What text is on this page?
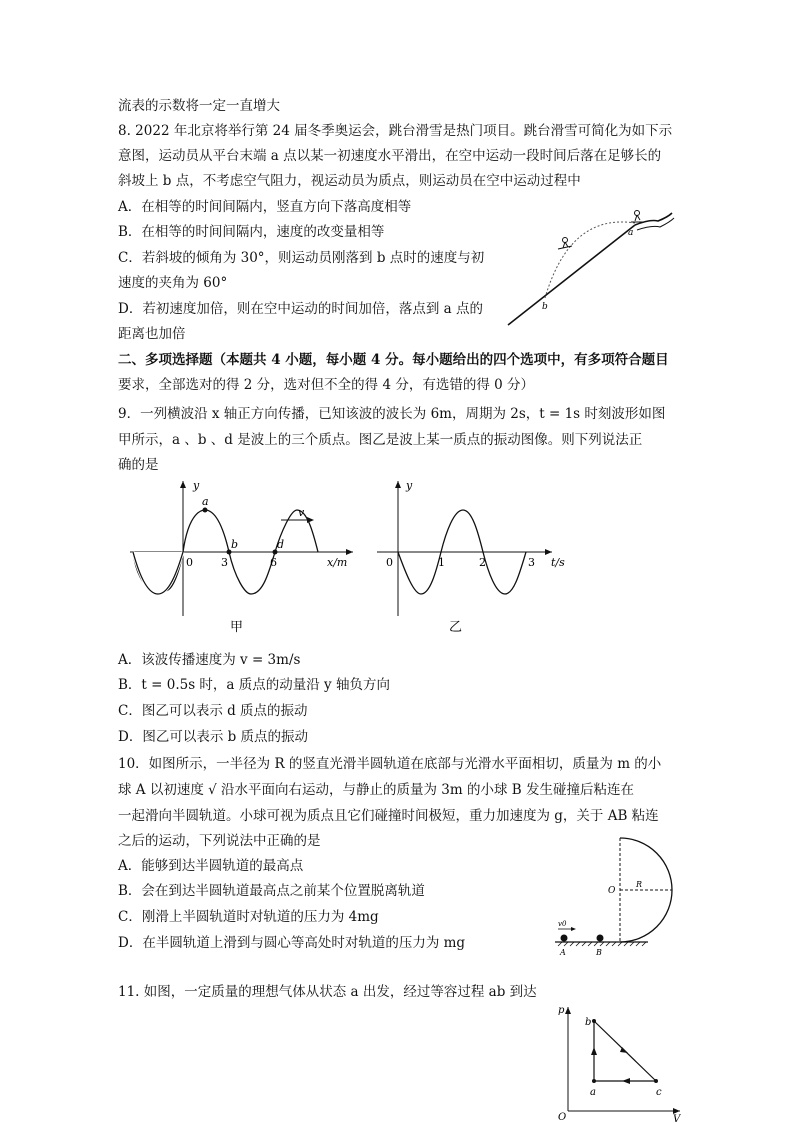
流表的示数将一定一直增大
8. 2022 年北京将举行第 24 届冬季奥运会，跳台滑雪是热门项目。跳台滑雪可简化为如下示
意图，运动员从平台末端 a 点以某一初速度水平滑出，在空中运动一段时间后落在足够长的
斜坡上 b 点，不考虑空气阻力，视运动员为质点，则运动员在空中运动过程中
A．在相等的时间间隔内，竖直方向下落高度相等
B．在相等的时间间隔内，速度的改变量相等
C．若斜坡的倾角为 30°，则运动员刚落到 b 点时的速度与初
速度的夹角为 60°
D．若初速度加倍，则在空中运动的时间加倍，落点到 a 点的
距离也加倍
a
b
二、多项选择题（本题共 4 小题，每小题 4 分。每小题给出的四个选项中，有多项符合题目
要求，全部选对的得 2 分，选对但不全的得 4 分，有选错的得 0 分）
9．一列横波沿 x 轴正方向传播，已知该波的波长为 6m，周期为 2s，t = 1s 时刻波形如图
甲所示，a 、b 、d 是波上的三个质点。图乙是波上某一质点的振动图像。则下列说法正
确的是
y
0	3	6	x/m
a
b	d
v
甲
y
0	1	2	3 t/s
乙
A．该波传播速度为 v = 3m/s
B．t = 0.5s 时，a 质点的动量沿 y 轴负方向
C．图乙可以表示 d 质点的振动
D．图乙可以表示 b 质点的振动
10．如图所示，一半径为 R 的竖直光滑半圆轨道在底部与光滑水平面相切，质量为 m 的小
球 A 以初速度 √ 沿水平面向右运动，与静止的质量为 3m 的小球 B 发生碰撞后粘连在
一起滑向半圆轨道。小球可视为质点且它们碰撞时间极短，重力加速度为 g，关于 AB 粘连
之后的运动，下列说法中正确的是
A．能够到达半圆轨道的最高点
B．会在到达半圆轨道最高点之前某个位置脱离轨道
C．刚滑上半圆轨道时对轨道的压力为 4mg
D．在半圆轨道上滑到与圆心等高处时对轨道的压力为 mg
v0
O
R
A	B
11. 如图，一定质量的理想气体从状态 a 出发，经过等容过程 ab 到达
p
O	V
b
a	c
